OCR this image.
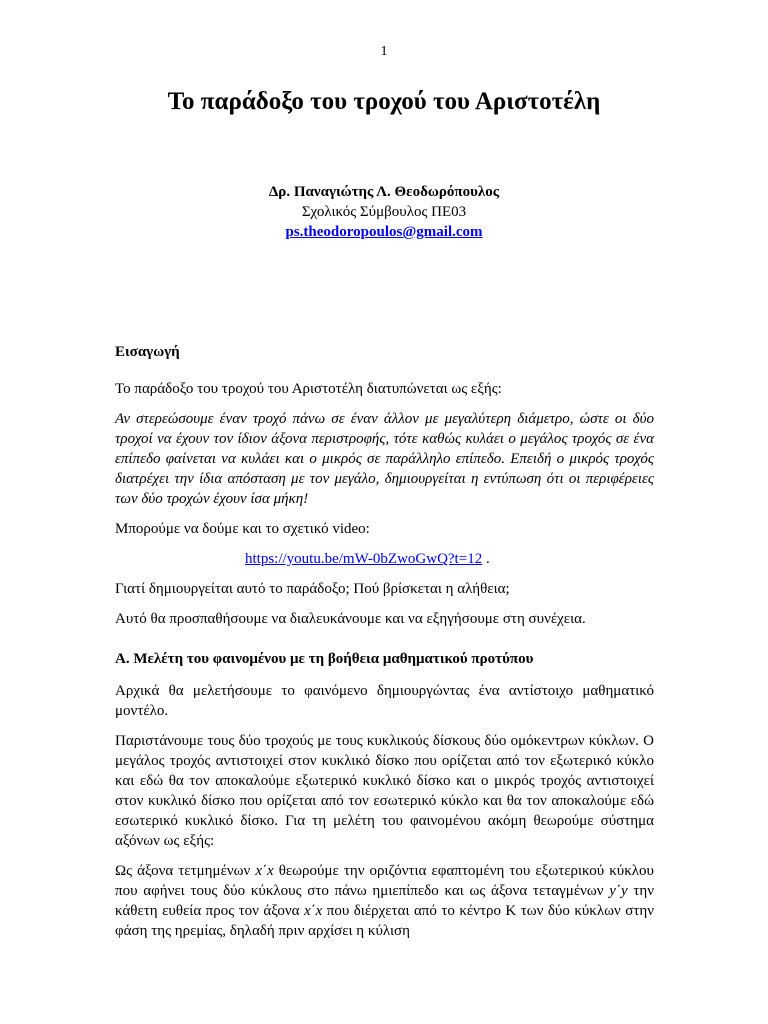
1
Το παράδοξο του τροχού του Αριστοτέλη
Δρ. Παναγιώτης Λ. Θεοδωρόπουλος
Σχολικός Σύμβουλος ΠΕ03
ps.theodoropoulos@gmail.com
Εισαγωγή

Το παράδοξο του τροχού του Αριστοτέλη διατυπώνεται ως εξής:

Αν στερεώσουμε έναν τροχό πάνω σε έναν άλλον με μεγαλύτερη διάμετρο, ώστε οι δύο τροχοί να έχουν τον ίδιον άξονα περιστροφής, τότε καθώς κυλάει ο μεγάλος τροχός σε ένα επίπεδο φαίνεται να κυλάει και ο μικρός σε παράλληλο επίπεδο. Επειδή ο μικρός τροχός διατρέχει την ίδια απόσταση με τον μεγάλο, δημιουργείται η εντύπωση ότι οι περιφέρειες των δύο τροχών έχουν ίσα μήκη!

Μπορούμε να δούμε και το σχετικό video:

https://youtu.be/mW-0bZwoGwQ?t=12 .

Γιατί δημιουργείται αυτό το παράδοξο; Πού βρίσκεται η αλήθεια;

Αυτό θα προσπαθήσουμε να διαλευκάνουμε και να εξηγήσουμε στη συνέχεια.

Α. Μελέτη του φαινομένου με τη βοήθεια μαθηματικού προτύπου

Αρχικά θα μελετήσουμε το φαινόμενο δημιουργώντας ένα αντίστοιχο μαθηματικό μοντέλο.

Παριστάνουμε τους δύο τροχούς με τους κυκλικούς δίσκους δύο ομόκεντρων κύκλων. Ο μεγάλος τροχός αντιστοιχεί στον κυκλικό δίσκο που ορίζεται από τον εξωτερικό κύκλο και εδώ θα τον αποκαλούμε εξωτερικό κυκλικό δίσκο και ο μικρός τροχός αντιστοιχεί στον κυκλικό δίσκο που ορίζεται από τον εσωτερικό κύκλο και θα τον αποκαλούμε εδώ εσωτερικό κυκλικό δίσκο. Για τη μελέτη του φαινομένου ακόμη θεωρούμε σύστημα αξόνων ως εξής:

Ως άξονα τετμημένων x΄x θεωρούμε την οριζόντια εφαπτομένη του εξωτερικού κύκλου που αφήνει τους δύο κύκλους στο πάνω ημιεπίπεδο και ως άξονα τεταγμένων y΄y την κάθετη ευθεία προς τον άξονα x΄x που διέρχεται από το κέντρο Κ των δύο κύκλων στην φάση της ηρεμίας, δηλαδή πριν αρχίσει η κύλιση
